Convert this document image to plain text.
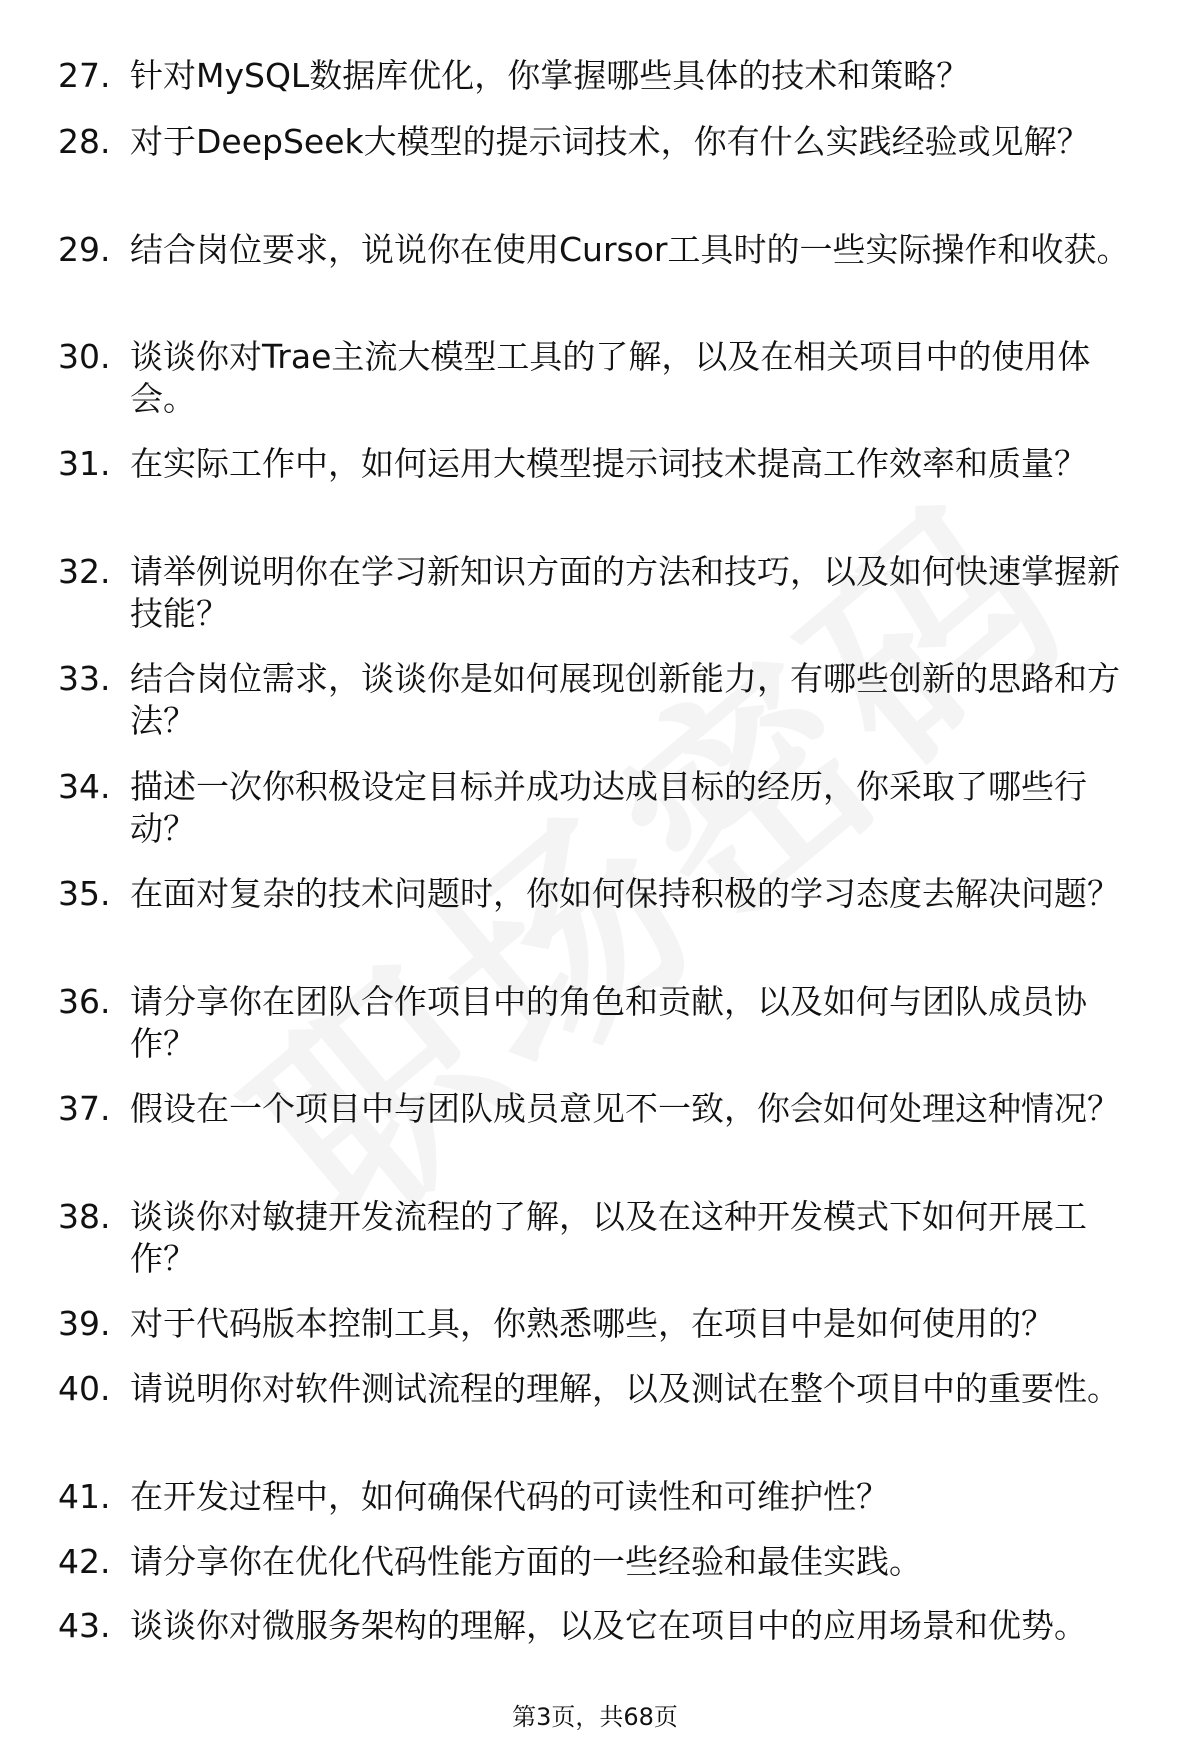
27. 针对MySQL数据库优化，你掌握哪些具体的技术和策略？
28. 对于DeepSeek大模型的提示词技术，你有什么实践经验或见解？
29. 结合岗位要求，说说你在使用Cursor工具时的一些实际操作和收获。
30. 谈谈你对Trae主流大模型工具的了解，以及在相关项目中的使用体会。
31. 在实际工作中，如何运用大模型提示词技术提高工作效率和质量？
32. 请举例说明你在学习新知识方面的方法和技巧，以及如何快速掌握新技能？
33. 结合岗位需求，谈谈你是如何展现创新能力，有哪些创新的思路和方法？
34. 描述一次你积极设定目标并成功达成目标的经历，你采取了哪些行动？
35. 在面对复杂的技术问题时，你如何保持积极的学习态度去解决问题？
36. 请分享你在团队合作项目中的角色和贡献，以及如何与团队成员协作？
37. 假设在一个项目中与团队成员意见不一致，你会如何处理这种情况？
38. 谈谈你对敏捷开发流程的了解，以及在这种开发模式下如何开展工作？
39. 对于代码版本控制工具，你熟悉哪些，在项目中是如何使用的？
40. 请说明你对软件测试流程的理解，以及测试在整个项目中的重要性。
41. 在开发过程中，如何确保代码的可读性和可维护性？
42. 请分享你在优化代码性能方面的一些经验和最佳实践。
43. 谈谈你对微服务架构的理解，以及它在项目中的应用场景和优势。
第3页，共68页
